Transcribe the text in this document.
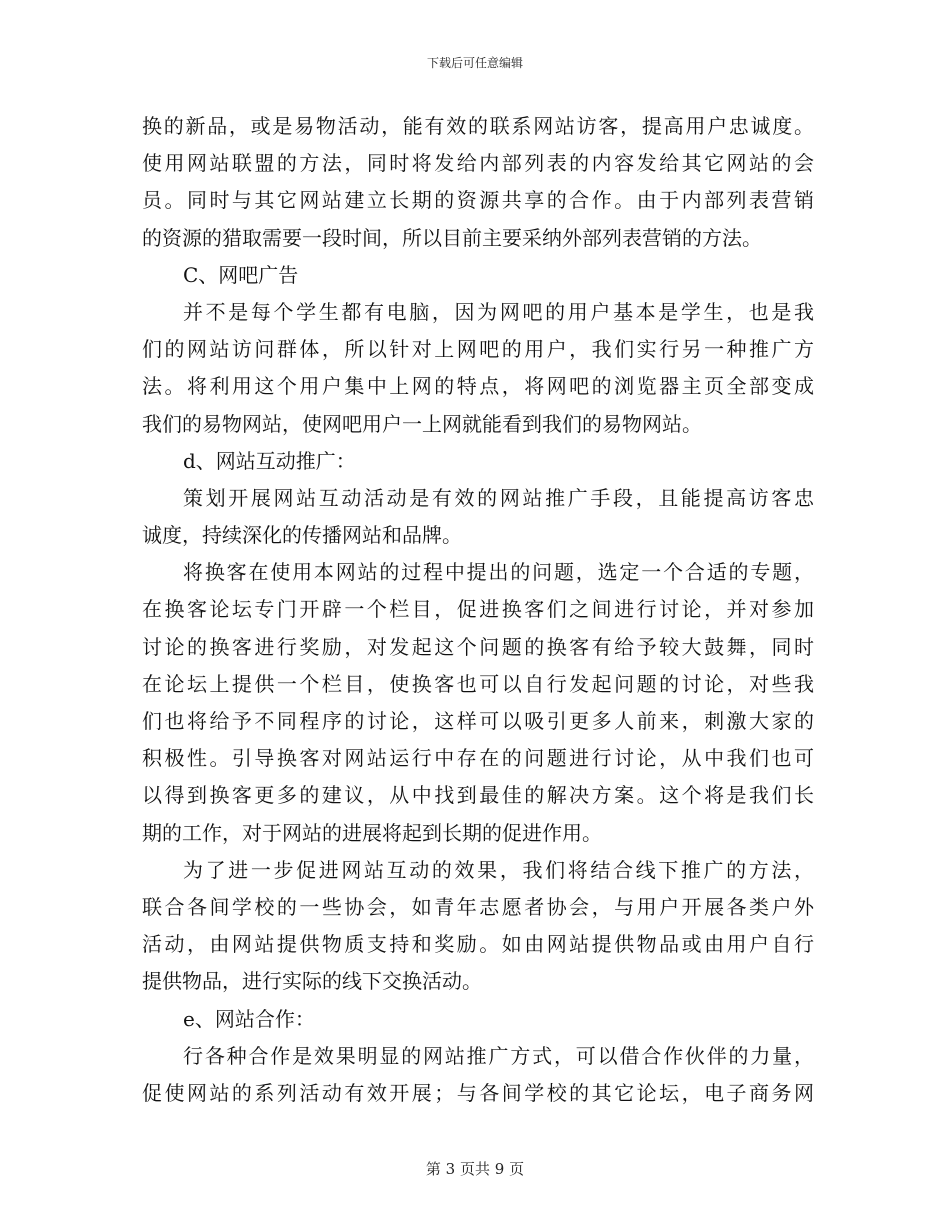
下载后可任意编辑
换的新品，或是易物活动，能有效的联系网站访客，提高用户忠诚度。
使用网站联盟的方法，同时将发给内部列表的内容发给其它网站的会
员。同时与其它网站建立长期的资源共享的合作。由于内部列表营销
的资源的猎取需要一段时间，所以目前主要采纳外部列表营销的方法。
C、网吧广告
并不是每个学生都有电脑，因为网吧的用户基本是学生，也是我
们的网站访问群体，所以针对上网吧的用户，我们实行另一种推广方
法。将利用这个用户集中上网的特点，将网吧的浏览器主页全部变成
我们的易物网站，使网吧用户一上网就能看到我们的易物网站。
d、网站互动推广：
策划开展网站互动活动是有效的网站推广手段，且能提高访客忠
诚度，持续深化的传播网站和品牌。
将换客在使用本网站的过程中提出的问题，选定一个合适的专题，
在换客论坛专门开辟一个栏目，促进换客们之间进行讨论，并对参加
讨论的换客进行奖励，对发起这个问题的换客有给予较大鼓舞，同时
在论坛上提供一个栏目，使换客也可以自行发起问题的讨论，对些我
们也将给予不同程序的讨论，这样可以吸引更多人前来，刺激大家的
积极性。引导换客对网站运行中存在的问题进行讨论，从中我们也可
以得到换客更多的建议，从中找到最佳的解决方案。这个将是我们长
期的工作，对于网站的进展将起到长期的促进作用。
为了进一步促进网站互动的效果，我们将结合线下推广的方法，
联合各间学校的一些协会，如青年志愿者协会，与用户开展各类户外
活动，由网站提供物质支持和奖励。如由网站提供物品或由用户自行
提供物品，进行实际的线下交换活动。
e、网站合作：
行各种合作是效果明显的网站推广方式，可以借合作伙伴的力量，
促使网站的系列活动有效开展；与各间学校的其它论坛，电子商务网
第 3 页共 9 页
